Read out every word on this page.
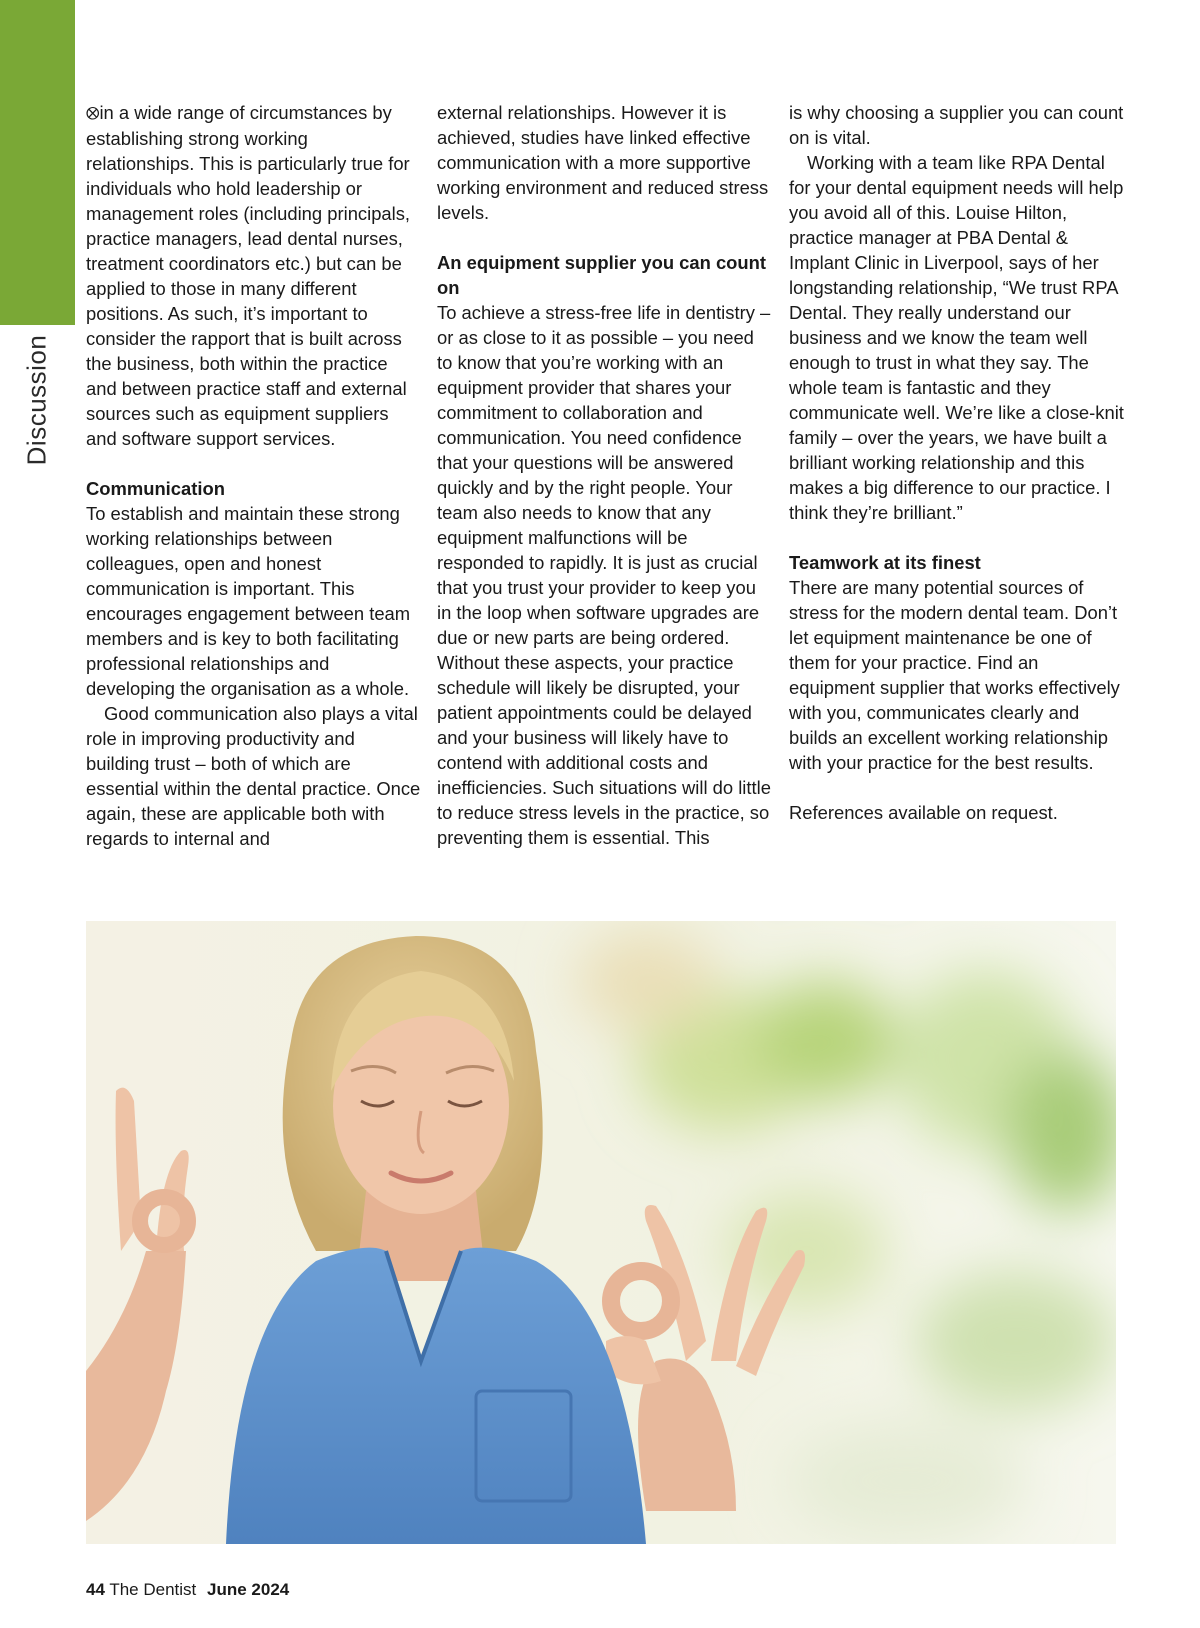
Discussion

⭙in a wide range of circumstances by establishing strong working relationships. This is particularly true for individuals who hold leadership or management roles (including principals, practice managers, lead dental nurses, treatment coordinators etc.) but can be applied to those in many different positions. As such, it’s important to consider the rapport that is built across the business, both within the practice and between practice staff and external sources such as equipment suppliers and software support services.

Communication

To establish and maintain these strong working relationships between colleagues, open and honest communication is important. This encourages engagement between team members and is key to both facilitating professional relationships and developing the organisation as a whole.

Good communication also plays a vital role in improving productivity and building trust – both of which are essential within the dental practice. Once again, these are applicable both with regards to internal and

external relationships. However it is achieved, studies have linked effective communication with a more supportive working environment and reduced stress levels.

An equipment supplier you can count on

To achieve a stress-free life in dentistry – or as close to it as possible – you need to know that you’re working with an equipment provider that shares your commitment to collaboration and communication. You need confidence that your questions will be answered quickly and by the right people. Your team also needs to know that any equipment malfunctions will be responded to rapidly. It is just as crucial that you trust your provider to keep you in the loop when software upgrades are due or new parts are being ordered. Without these aspects, your practice schedule will likely be disrupted, your patient appointments could be delayed and your business will likely have to contend with additional costs and inefficiencies. Such situations will do little to reduce stress levels in the practice, so preventing them is essential. This

is why choosing a supplier you can count on is vital.

Working with a team like RPA Dental for your dental equipment needs will help you avoid all of this. Louise Hilton, practice manager at PBA Dental & Implant Clinic in Liverpool, says of her longstanding relationship, “We trust RPA Dental. They really understand our business and we know the team well enough to trust in what they say. The whole team is fantastic and they communicate well. We’re like a close-knit family – over the years, we have built a brilliant working relationship and this makes a big difference to our practice. I think they’re brilliant.”

Teamwork at its finest

There are many potential sources of stress for the modern dental team. Don’t let equipment maintenance be one of them for your practice. Find an equipment supplier that works effectively with you, communicates clearly and builds an excellent working relationship with your practice for the best results.

References available on request.

44 The Dentist June 2024
